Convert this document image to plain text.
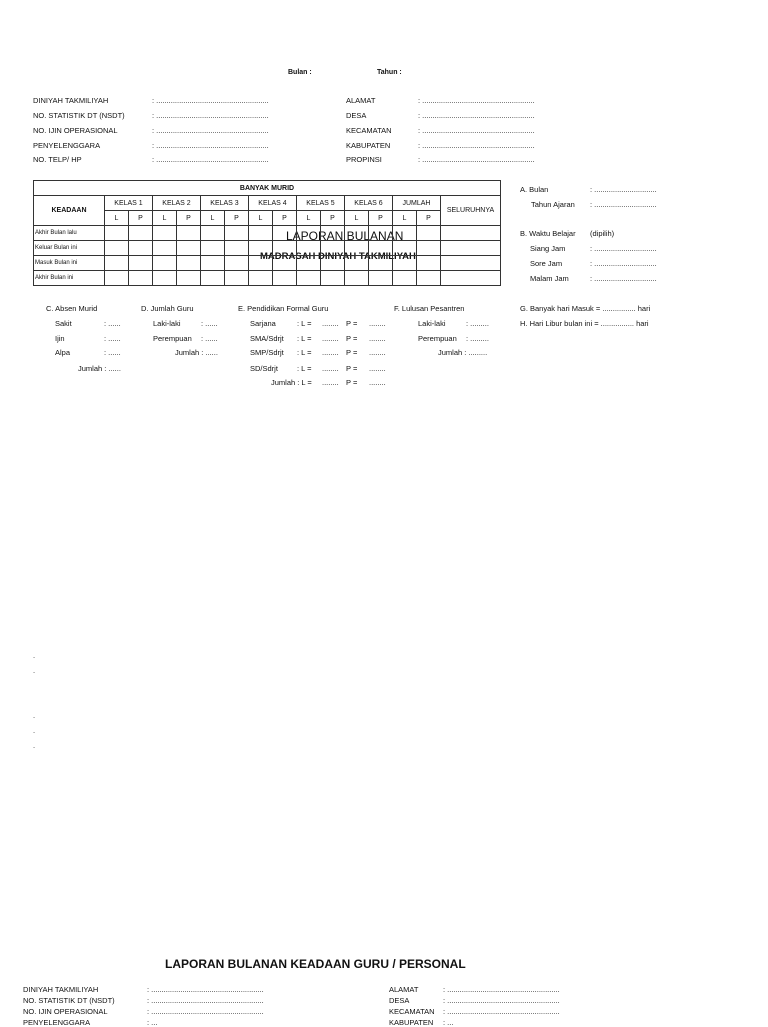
LAPORAN BULANAN
MADRASAH DINIYAH TAKMILIYAH
Bulan :	Tahun :
DINIYAH TAKMILIYAH	: ......................................................
NO. STATISTIK DT (NSDT)	: ......................................................
NO. IJIN OPERASIONAL	: ......................................................
PENYELENGGARA	: ......................................................
NO. TELP/ HP	: ......................................................
ALAMAT	: ......................................................
DESA	: ......................................................
KECAMATAN	: ......................................................
KABUPATEN	: ......................................................
PROPINSI	: ......................................................
BANYAK MURID															
KEADAAN	KELAS 1		KELAS 2		KELAS 3		KELAS 4		KELAS 5		KELAS 6		JUMLAH		SELURUHNYA
	L	P	L	P	L	P	L	P	L	P	L	P	L	P	
Akhir Bulan lalu															
Keluar Bulan ini															
Masuk Bulan ini															
Akhir Bulan ini															
A. Bulan	: ..............................
Tahun Ajaran : ..............................
B. Waktu Belajar (dipilih)
Siang Jam	: ..............................
Sore Jam	: ..............................
Malam Jam	: ..............................
C. Absen Murid
Sakit	: ......
Ijin	: ......
Alpa	: ......
Jumlah : ......
D. Jumlah Guru
Laki-laki	: ......
Perempuan : ......
Jumlah : ......
E. Pendidikan Formal Guru
Sarjana	: L = ........ P = ........
SMA/Sdrjt : L = ........ P = ........
SMP/Sdrjt : L = ........ P = ........
SD/Sdrjt	: L = ........ P = ........
Jumlah : L = ........ P = ........
F. Lulusan Pesantren
Laki-laki	: .........
Perempuan : .........
Jumlah : .........
G. Banyak hari Masuk = ................ hari
H. Hari Libur bulan ini = ................ hari
.
.
.
.
.
LAPORAN BULANAN KEADAAN GURU / PERSONAL
DINIYAH TAKMILIYAH	: ......................................................
NO. STATISTIK DT (NSDT)	: ......................................................
NO. IJIN OPERASIONAL	: ......................................................
PENYELENGGARA	: ...
ALAMAT	: ......................................................
DESA	: ......................................................
KECAMATAN : ......................................................
KABUPATEN : ...
